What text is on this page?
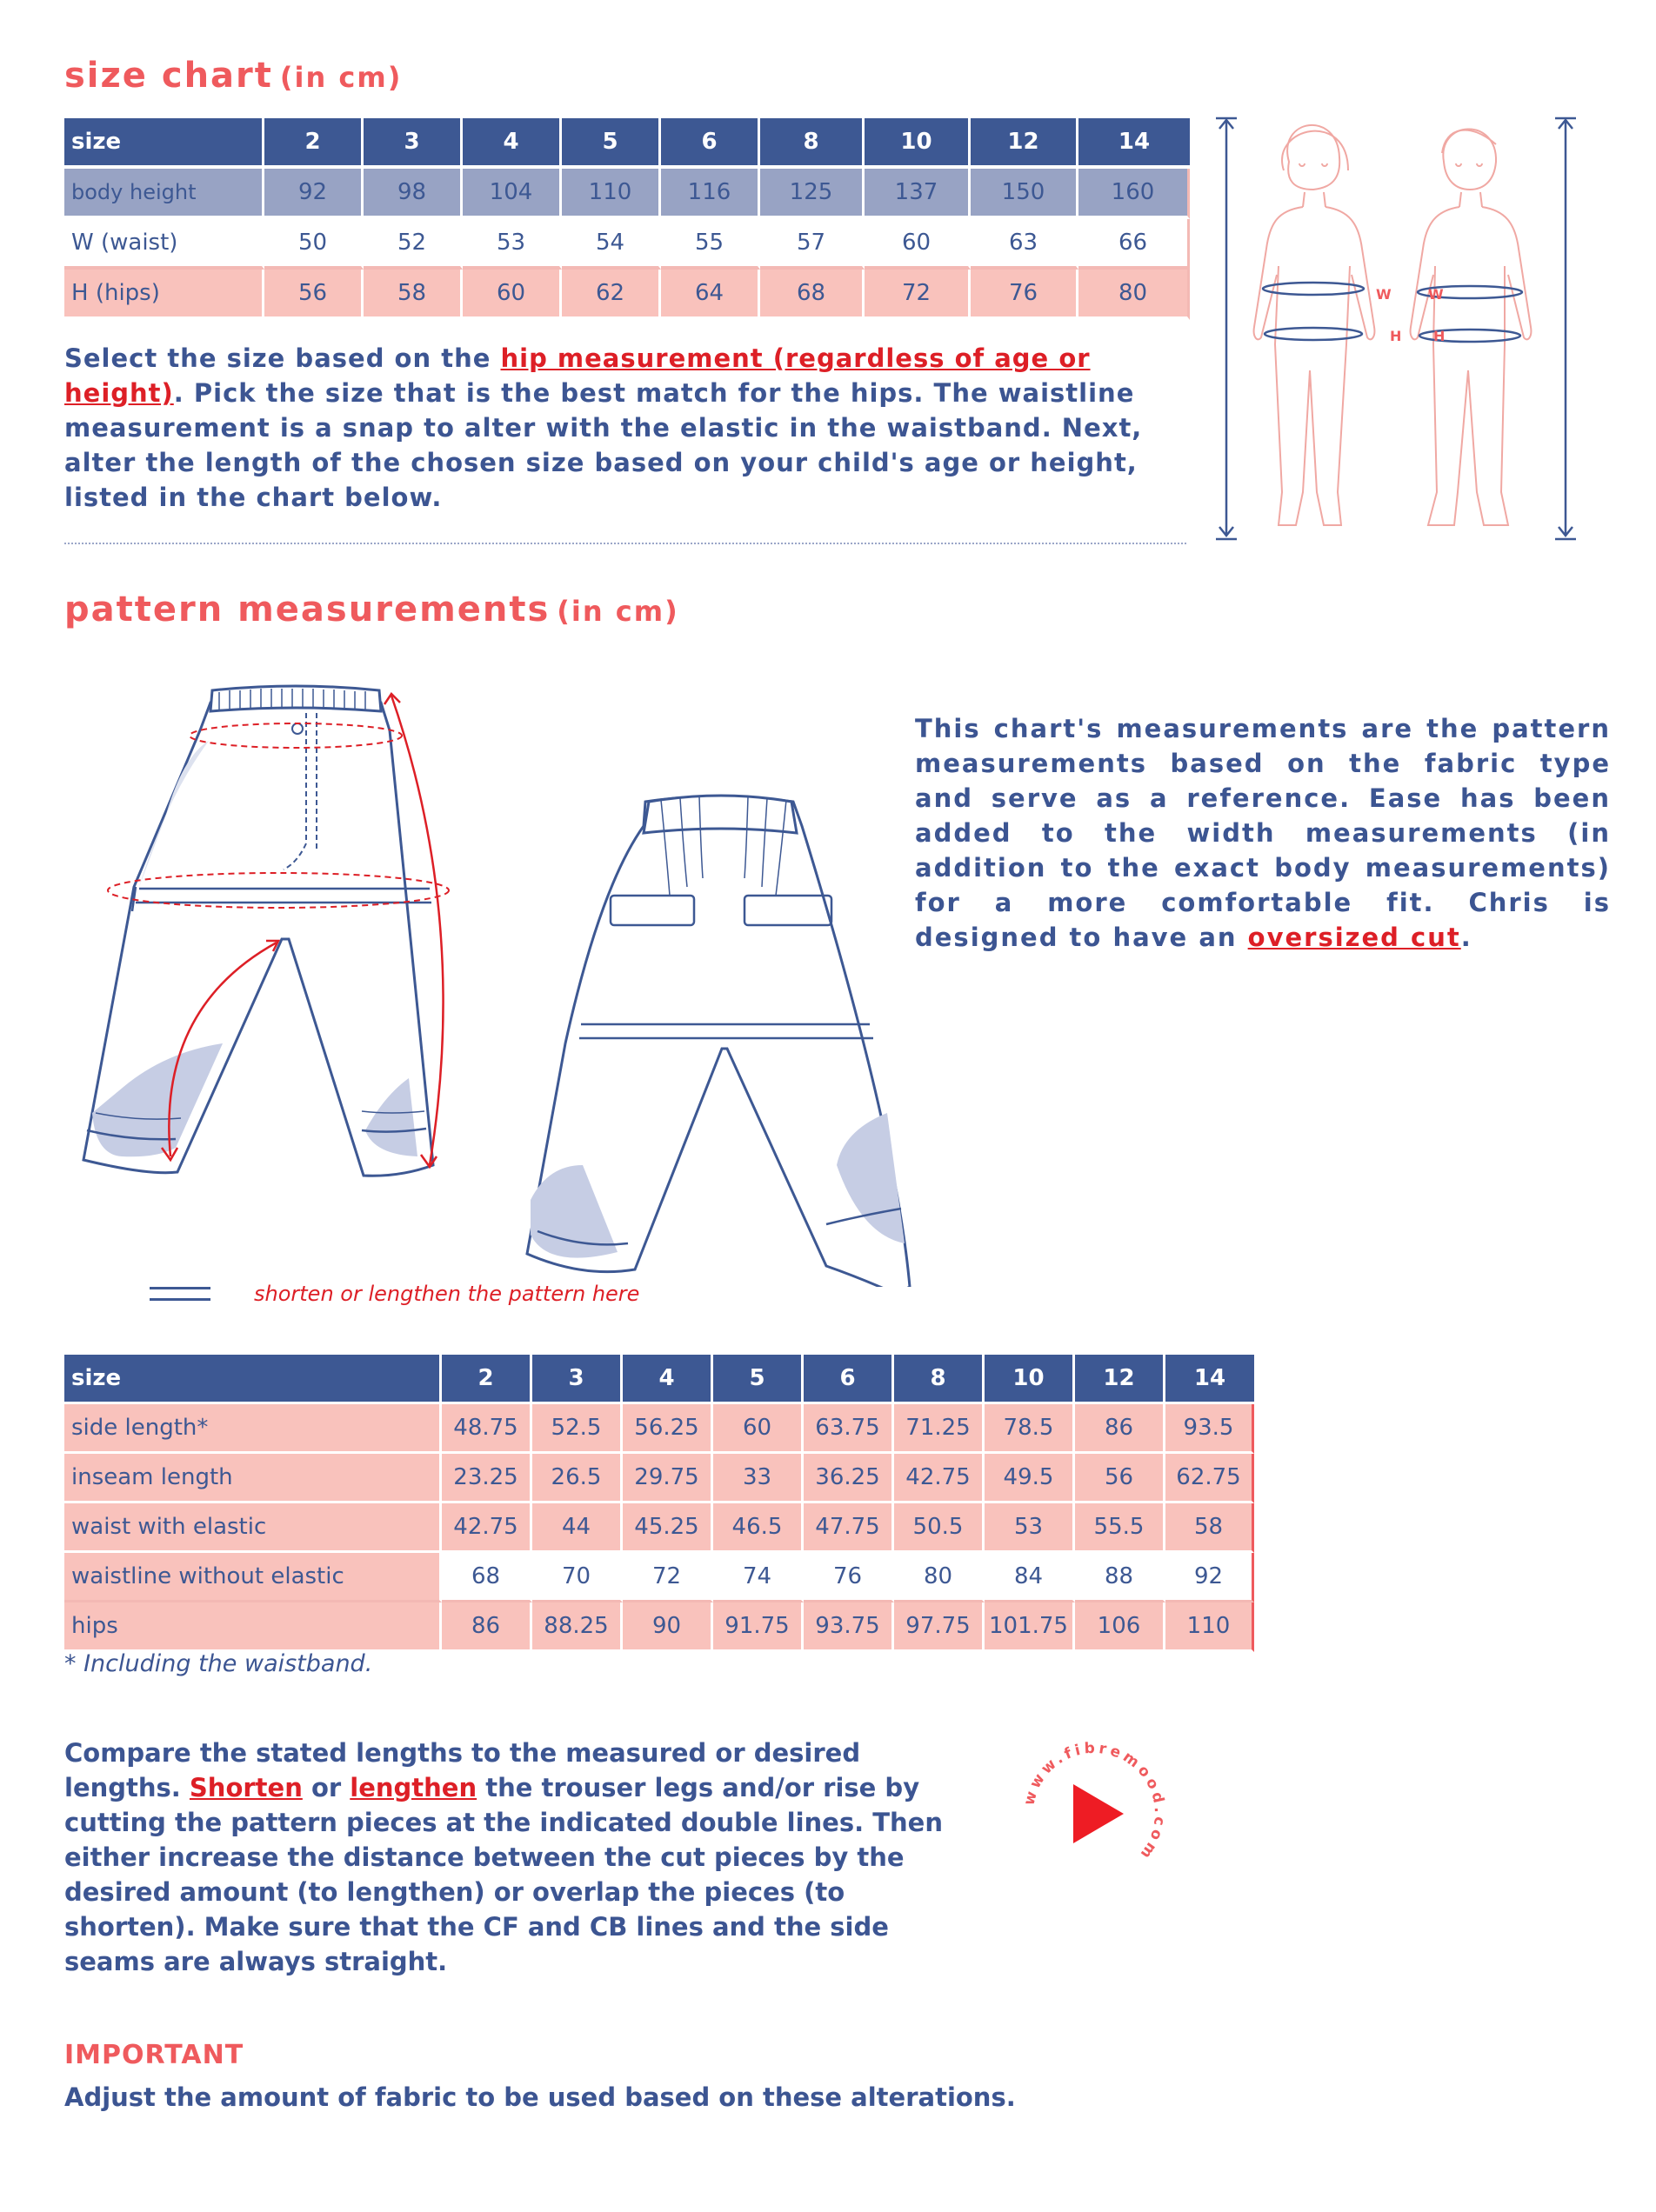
size chart (in cm)
size	2	3	4	5	6	8	10	12	14
body height	92	98	104	110	116	125	137	150	160
W (waist)	50	52	53	54	55	57	60	63	66
H (hips)	56	58	60	62	64	68	72	76	80

Select the size based on the hip measurement (regardless of age or height). Pick the size that is the best match for the hips. The waistline measurement is a snap to alter with the elastic in the waistband. Next, alter the length of the chosen size based on your child's age or height, listed in the chart below.

W
H
W
H
pattern measurements (in cm)

This chart's measurements are the pattern measurements based on the fabric type and serve as a reference. Ease has been added to the width measurements (in addition to the exact body measurements) for a more comfortable fit. Chris is designed to have an oversized cut.

shorten or lengthen the pattern here

size	2	3	4	5	6	8	10	12	14
side length*	48.75	52.5	56.25	60	63.75	71.25	78.5	86	93.5
inseam length	23.25	26.5	29.75	33	36.25	42.75	49.5	56	62.75
waist with elastic	42.75	44	45.25	46.5	47.75	50.5	53	55.5	58
waistline without elastic	68	70	72	74	76	80	84	88	92
hips	86	88.25	90	91.75	93.75	97.75	101.75	106	110

* Including the waistband.

Compare the stated lengths to the measured or desired lengths. Shorten or lengthen the trouser legs and/or rise by cutting the pattern pieces at the indicated double lines. Then either increase the distance between the cut pieces by the desired amount (to lengthen) or overlap the pieces (to shorten). Make sure that the CF and CB lines and the side seams are always straight.

www.fibremood.com

IMPORTANT

Adjust the amount of fabric to be used based on these alterations.
